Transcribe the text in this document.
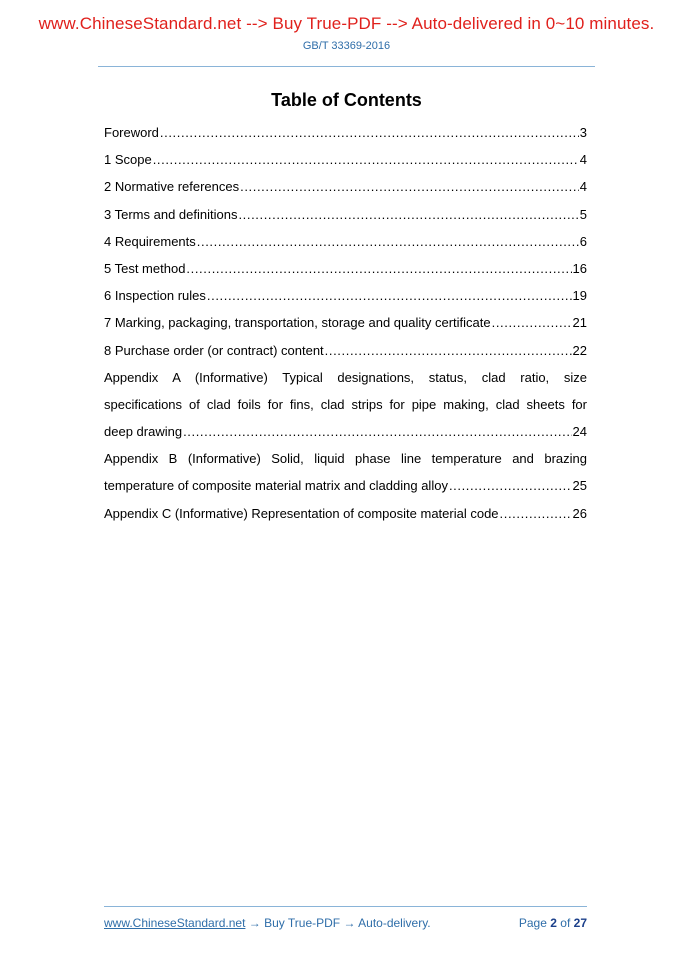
www.ChineseStandard.net --> Buy True-PDF --> Auto-delivered in 0~10 minutes.
GB/T 33369-2016
Table of Contents
Foreword .....	3
1 Scope .....	4
2 Normative references .....	4
3 Terms and definitions .....	5
4 Requirements .....	6
5 Test method .....	16
6 Inspection rules .....	19
7 Marking, packaging, transportation, storage and quality certificate .....	21
8 Purchase order (or contract) content .....	22
Appendix A (Informative) Typical designations, status, clad ratio, size
specifications of clad foils for fins, clad strips for pipe making, clad sheets for
deep drawing .....	24
Appendix B (Informative) Solid, liquid phase line temperature and brazing
temperature of composite material matrix and cladding alloy .....	25
Appendix C (Informative) Representation of composite material code .....	26
www.ChineseStandard.net → Buy True-PDF → Auto-delivery.	Page 2 of 27
